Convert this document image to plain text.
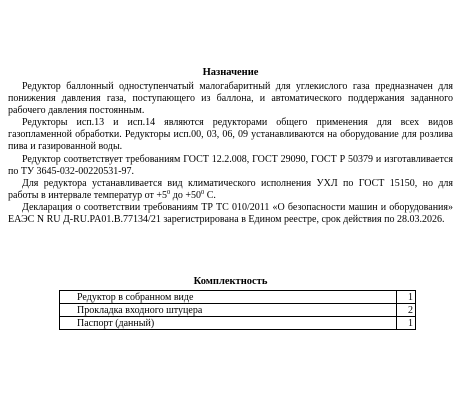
Назначение

Редуктор баллонный одноступенчатый малогабаритный для углекислого газа предназначен для понижения давления газа, поступающего из баллона, и автоматического поддержания заданного рабочего давления постоянным.

Редукторы исп.13 и исп.14 являются редукторами общего применения для всех видов газопламенной обработки. Редукторы исп.00, 03, 06, 09 устанавливаются на оборудование для розлива пива и газированной воды.

Редуктор соответствует требованиям ГОСТ 12.2.008, ГОСТ 29090, ГОСТ Р 50379 и изготавливается по ТУ 3645-032-00220531-97.

Для редуктора устанавливается вид климатического исполнения УХЛ по ГОСТ 15150, но для работы в интервале температур от $+5^0$ до $+50^0$ С.

Декларация о соответствии требованиям ТР ТС 010/2011 «О безопасности машин и оборудования» ЕАЭС N RU Д-RU.PA01.B.77134/21 зарегистрирована в Едином реестре, срок действия по 28.03.2026.

Комплектность
Редуктор в собранном виде	1
Прокладка входного штуцера	2
Паспорт (данный)	1
